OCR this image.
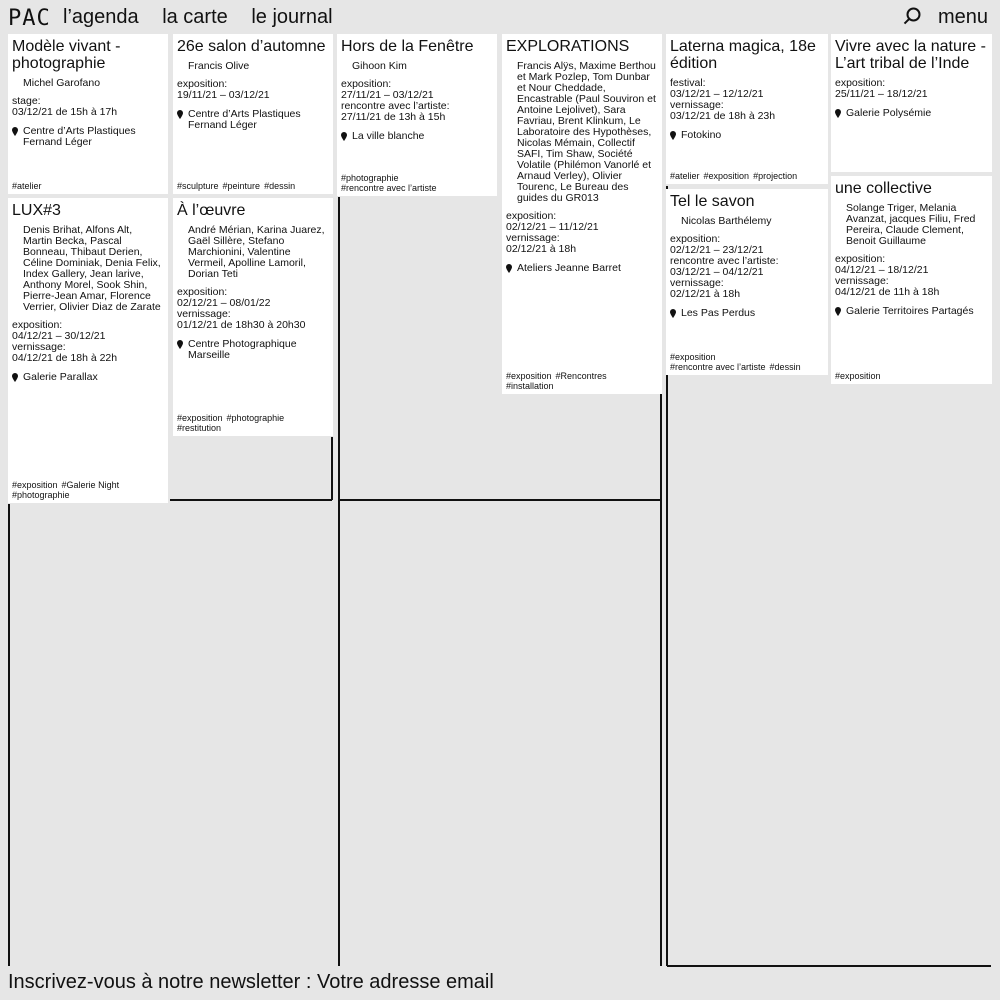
PAC l’agenda la carte le journal	menu
Modèle vivant - photographie
Michel Garofano
stage:
03/12/21 de 15h à 17h
Centre d’Arts Plastiques Fernand Léger
#atelier
26e salon d’automne
Francis Olive
exposition:
19/11/21 – 03/12/21
Centre d’Arts Plastiques Fernand Léger
#sculpture #peinture #dessin
Hors de la Fenêtre
Gihoon Kim
exposition:
27/11/21 – 03/12/21
rencontre avec l’artiste:
27/11/21 de 13h à 15h
La ville blanche
#photographie
#rencontre avec l’artiste
EXPLORATIONS
Francis Alÿs, Maxime Berthou et Mark Pozlep, Tom Dunbar et Nour Cheddade, Encastrable (Paul Souviron et Antoine Lejolivet), Sara Favriau, Brent Klinkum, Le Laboratoire des Hypothèses, Nicolas Mémain, Collectif SAFI, Tim Shaw, Société Volatile (Philémon Vanorlé et Arnaud Verley), Olivier Tourenc, Le Bureau des guides du GR013
exposition:
02/12/21 – 11/12/21
vernissage:
02/12/21 à 18h
Ateliers Jeanne Barret
#exposition #Rencontres
#installation
Laterna magica, 18e édition
festival:
03/12/21 – 12/12/21
vernissage:
03/12/21 de 18h à 23h
Fotokino
#atelier #exposition #projection
Vivre avec la nature - L’art tribal de l’Inde
exposition:
25/11/21 – 18/12/21
Galerie Polysémie
LUX#3
Denis Brihat, Alfons Alt, Martin Becka, Pascal Bonneau, Thibaut Derien, Céline Dominiak, Denia Felix, Index Gallery, Jean larive, Anthony Morel, Sook Shin, Pierre-Jean Amar, Florence Verrier, Olivier Diaz de Zarate
exposition:
04/12/21 – 30/12/21
vernissage:
04/12/21 de 18h à 22h
Galerie Parallax
#exposition #Galerie Night
#photographie
À l’œuvre
André Mérian, Karina Juarez, Gaël Sillère, Stefano Marchionini, Valentine Vermeil, Apolline Lamoril, Dorian Teti
exposition:
02/12/21 – 08/01/22
vernissage:
01/12/21 de 18h30 à 20h30
Centre Photographique Marseille
#exposition #photographie
#restitution
Tel le savon
Nicolas Barthélemy
exposition:
02/12/21 – 23/12/21
rencontre avec l’artiste:
03/12/21 – 04/12/21
vernissage:
02/12/21 à 18h
Les Pas Perdus
#exposition
#rencontre avec l’artiste #dessin
une collective
Solange Triger, Melania Avanzat, jacques Filiu, Fred Pereira, Claude Clement, Benoit Guillaume
exposition:
04/12/21 – 18/12/21
vernissage:
04/12/21 de 11h à 18h
Galerie Territoires Partagés
#exposition
Inscrivez-vous à notre newsletter : Votre adresse email
